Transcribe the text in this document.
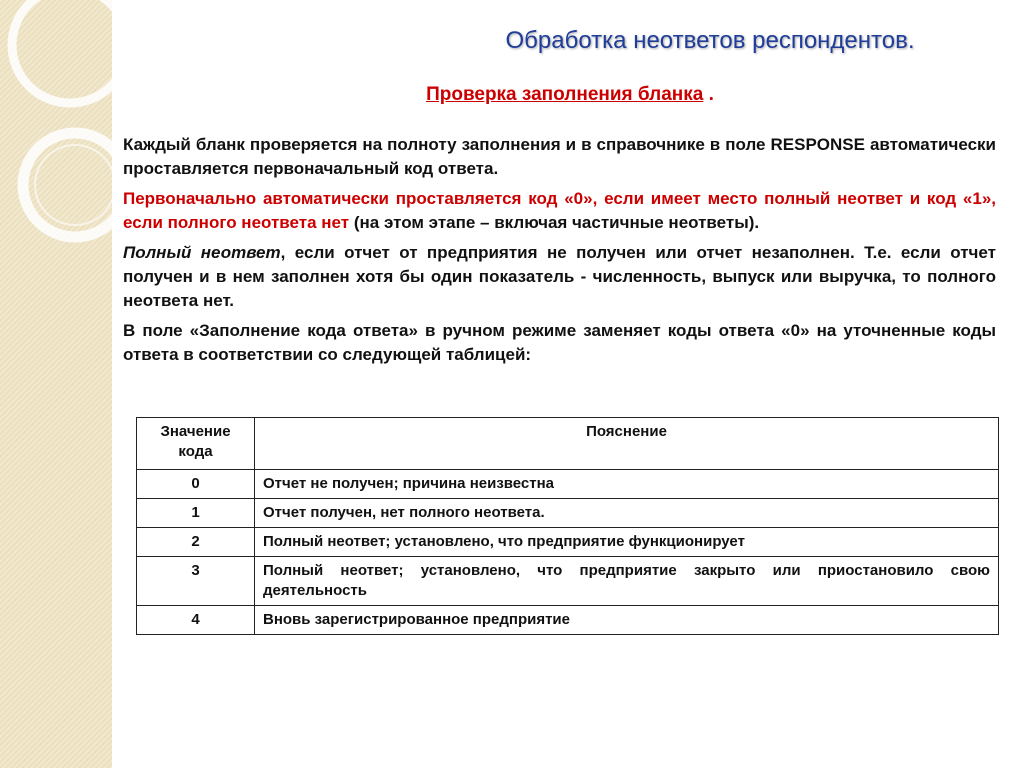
Обработка неответов респондентов.
Проверка заполнения бланка .

Каждый бланк проверяется на полноту заполнения и в справочнике в поле RESPONSE автоматически проставляется первоначальный код ответа.

Первоначально автоматически проставляется код «0», если имеет место полный неответ и код «1», если полного неответа нет (на этом этапе – включая частичные неответы).

Полный неответ, если отчет от предприятия не получен или отчет незаполнен. Т.е. если отчет получен и в нем заполнен хотя бы один показатель - численность, выпуск или выручка, то полного неответа нет.

В поле «Заполнение кода ответа» в ручном режиме заменяет коды ответа «0» на уточненные коды ответа в соответствии со следующей таблицей:

Значение кода	Пояснение
0	Отчет не получен; причина неизвестна
1	Отчет получен, нет полного неответа.
2	Полный неответ; установлено, что предприятие функционирует
3	Полный неответ; установлено, что предприятие закрыто или приостановило свою деятельность
4	Вновь зарегистрированное предприятие
